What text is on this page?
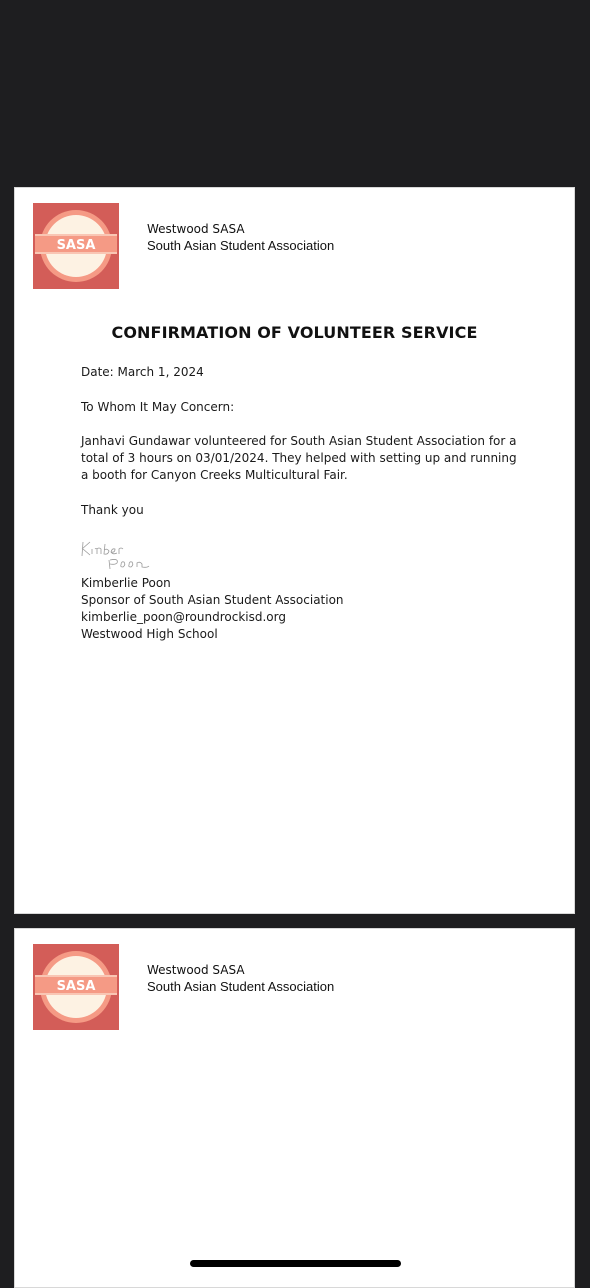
SASA
Westwood SASA
South Asian Student Association
CONFIRMATION OF VOLUNTEER SERVICE
Date: March 1, 2024
To Whom It May Concern:
Janhavi Gundawar volunteered for South Asian Student Association for a
total of 3 hours on 03/01/2024. They helped with setting up and running
a booth for Canyon Creeks Multicultural Fair.
Thank you
Kimberlie Poon
Sponsor of South Asian Student Association
kimberlie_poon@roundrockisd.org
Westwood High School
SASA
Westwood SASA
South Asian Student Association
